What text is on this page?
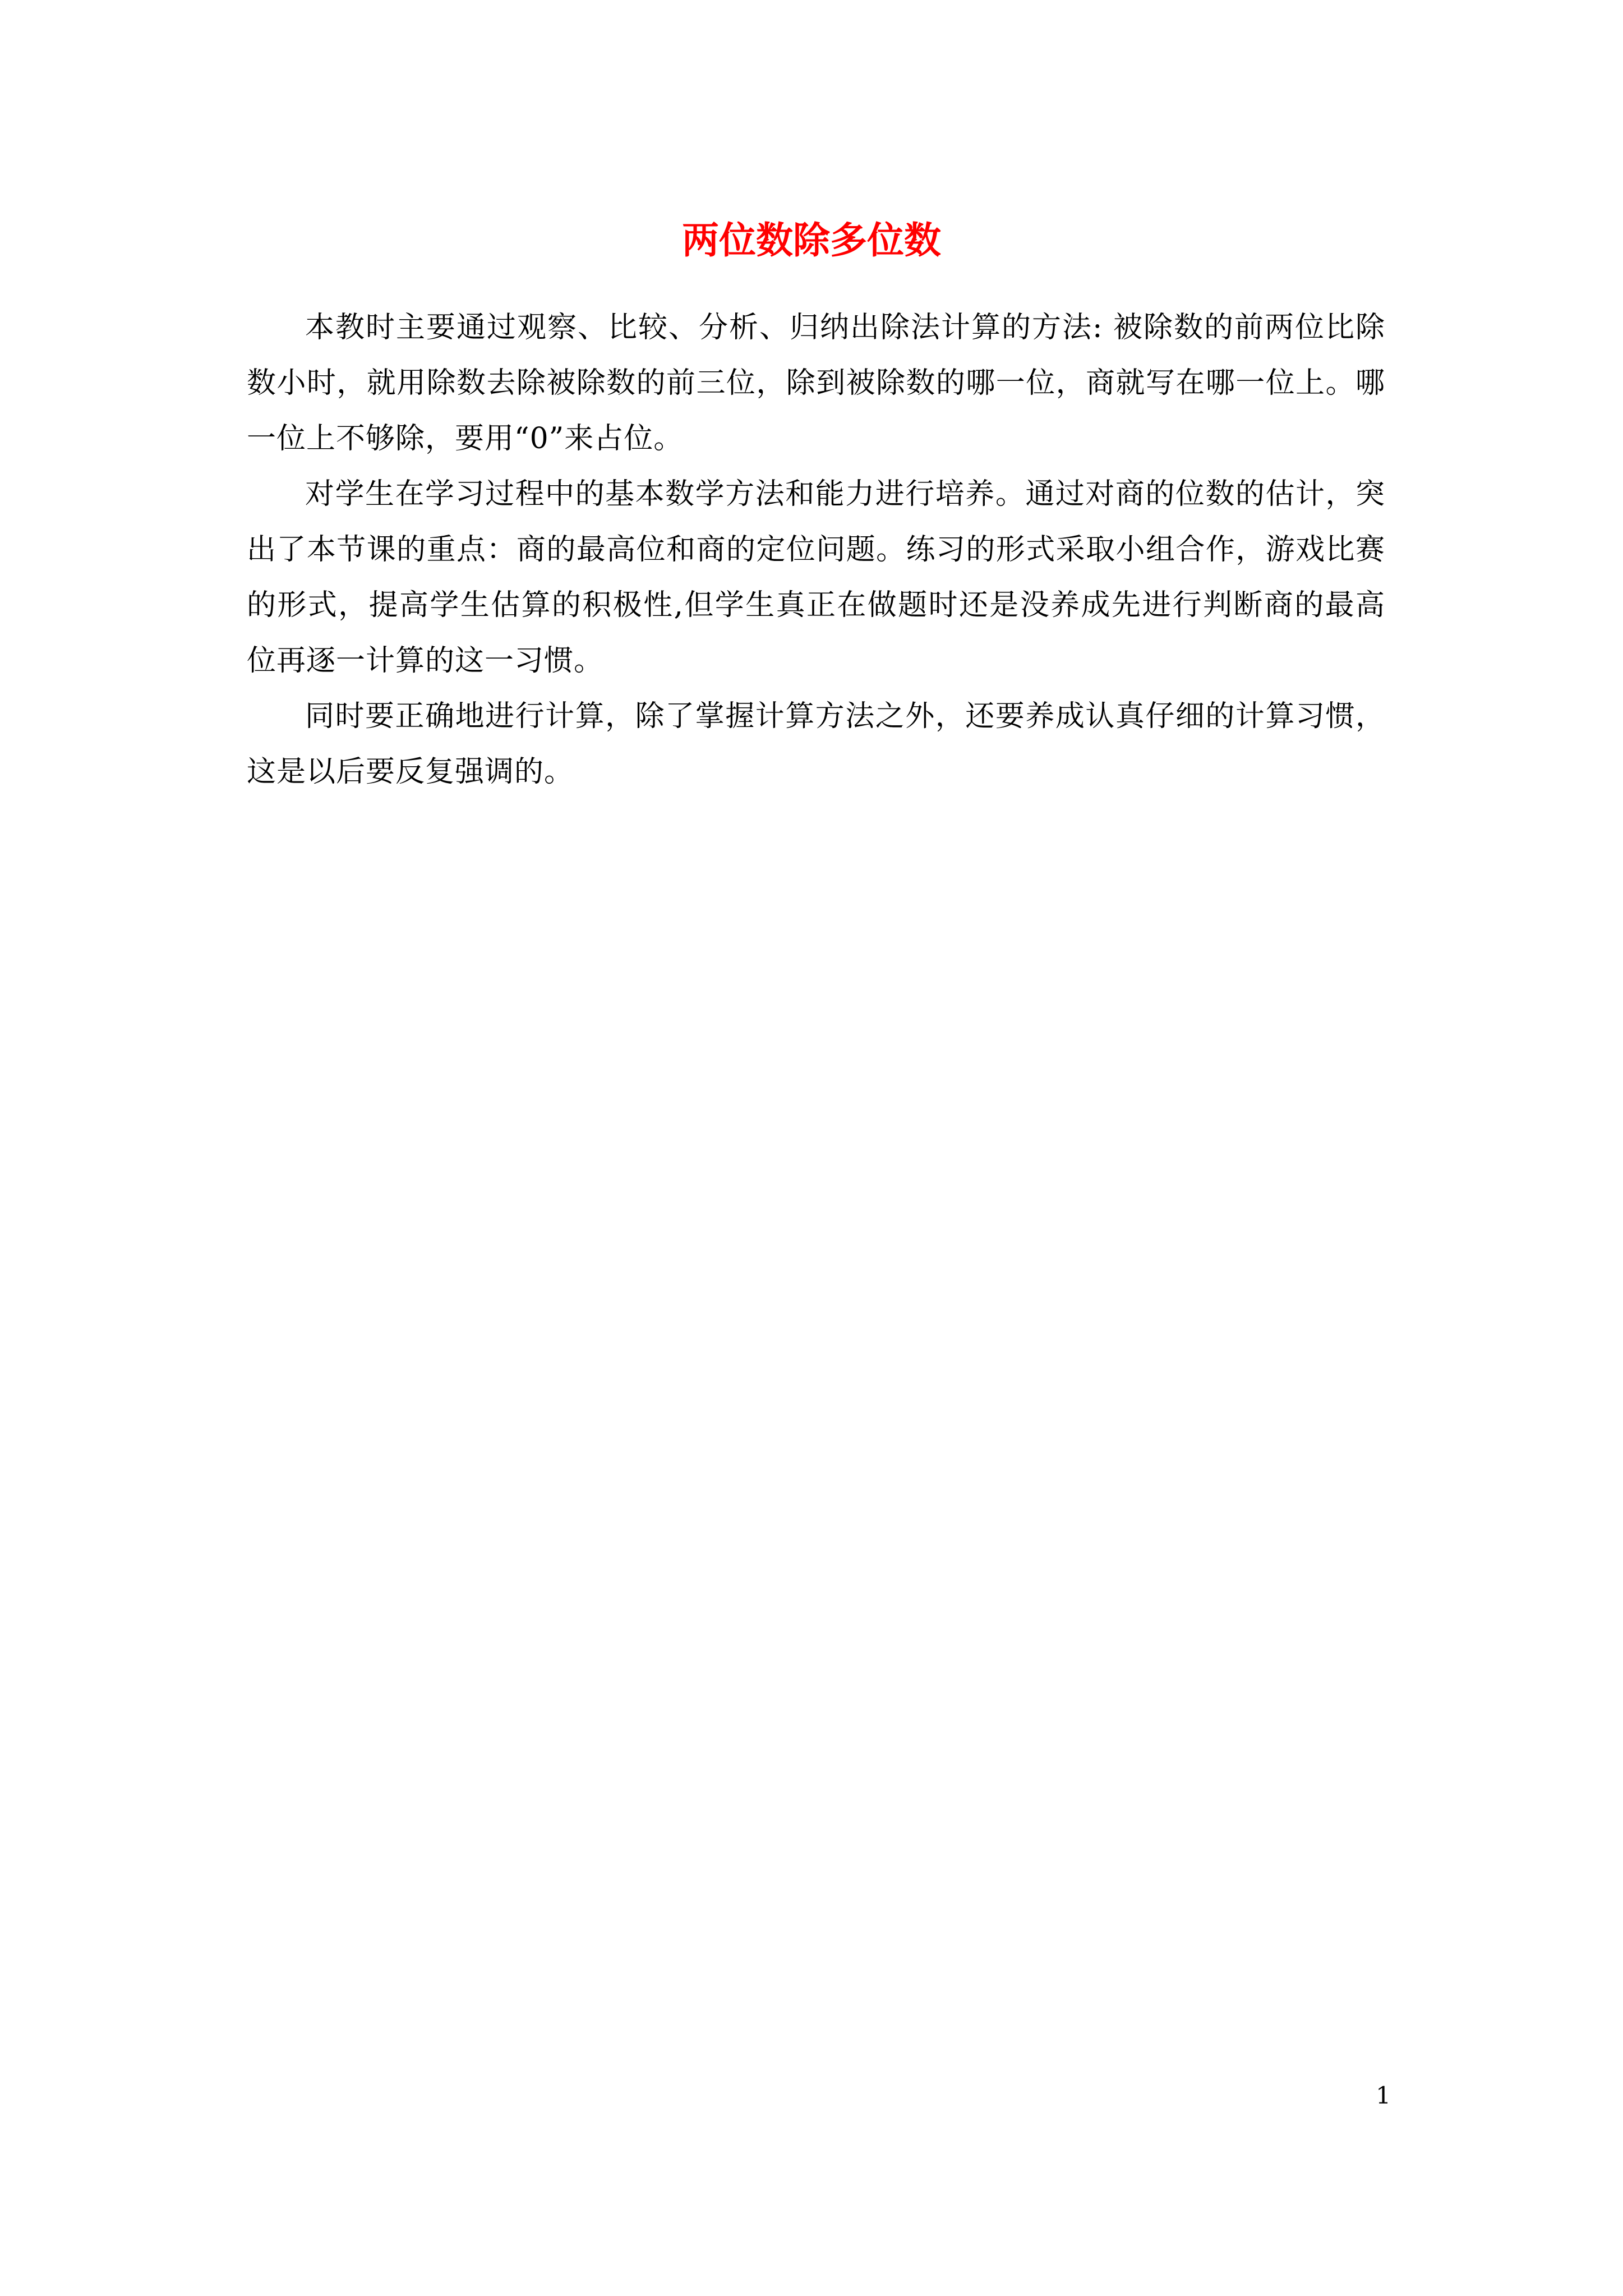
两位数除多位数

本教时主要通过观察、比较、分析、归纳出除法计算的方法: 被除数的前两位比除数小时，就用除数去除被除数的前三位，除到被除数的哪一位，商就写在哪一位上。哪一位上不够除，要用“0”来占位。

对学生在学习过程中的基本数学方法和能力进行培养。通过对商的位数的估计，突出了本节课的重点：商的最高位和商的定位问题。练习的形式采取小组合作，游戏比赛的形式，提高学生估算的积极性,但学生真正在做题时还是没养成先进行判断商的最高位再逐一计算的这一习惯。

同时要正确地进行计算，除了掌握计算方法之外，还要养成认真仔细的计算习惯，这是以后要反复强调的。

1
